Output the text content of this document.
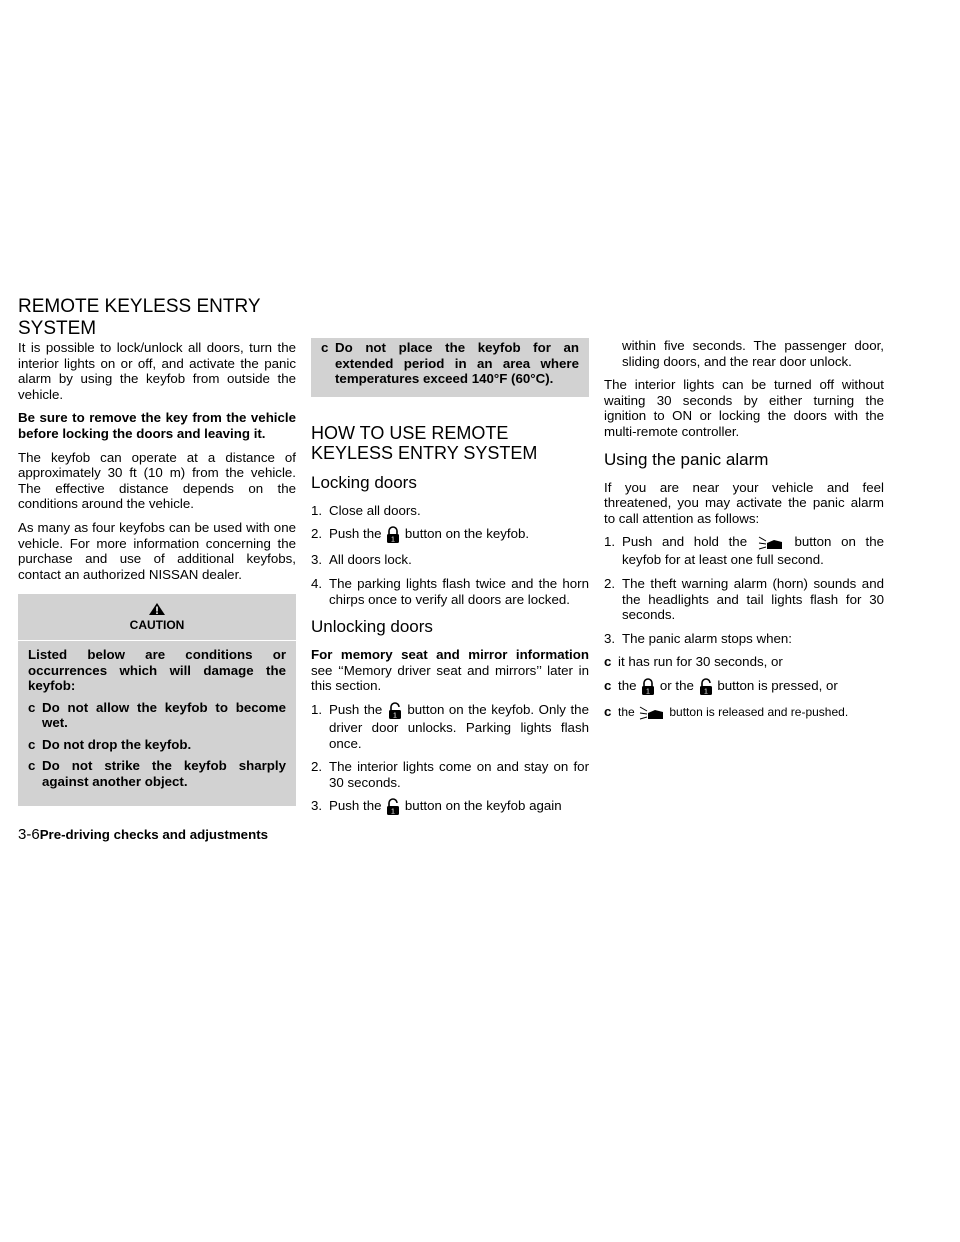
REMOTE KEYLESS ENTRY
SYSTEM

It is possible to lock/unlock all doors, turn the interior lights on or off, and activate the panic alarm by using the keyfob from outside the vehicle.

Be sure to remove the key from the vehicle before locking the doors and leaving it.

The keyfob can operate at a distance of approximately 30 ft (10 m) from the vehicle. The effective distance depends on the conditions around the vehicle.

As many as four keyfobs can be used with one vehicle. For more information concerning the purchase and use of additional keyfobs, contact an authorized NISSAN dealer.

CAUTION

Listed below are conditions or occurrences which will damage the keyfob:

c Do not allow the keyfob to become wet.
c Do not drop the keyfob.
c Do not strike the keyfob sharply against another object.
c Do not place the keyfob for an extended period in an area where temperatures exceed 140°F (60°C).
HOW TO USE REMOTE KEYLESS ENTRY SYSTEM
Locking doors
1. Close all doors.
2. Push the 1 button on the keyfob.
3. All doors lock.
4. The parking lights flash twice and the horn chirps once to verify all doors are locked.
Unlocking doors

For memory seat and mirror information see ‘‘Memory driver seat and mirrors’’ later in this section.

1. Push the 1 button on the keyfob. Only the driver door unlocks. Parking lights flash once.
2. The interior lights come on and stay on for 30 seconds.
3. Push the 1 button on the keyfob again

within five seconds. The passenger door, sliding doors, and the rear door unlock.

The interior lights can be turned off without waiting 30 seconds by either turning the ignition to ON or locking the doors with the multi-remote controller.

Using the panic alarm

If you are near your vehicle and feel threatened, you may activate the panic alarm to call attention as follows:

1. Push and hold the	button on the keyfob for at least one full second.
2. The theft warning alarm (horn) sounds and the headlights and tail lights flash for 30 seconds.
3. The panic alarm stops when:
c it has run for 30 seconds, or
c the 1 or the 1 button is pressed, or
c the	button is released and re-pushed.
3-6Pre-driving checks and adjustments
